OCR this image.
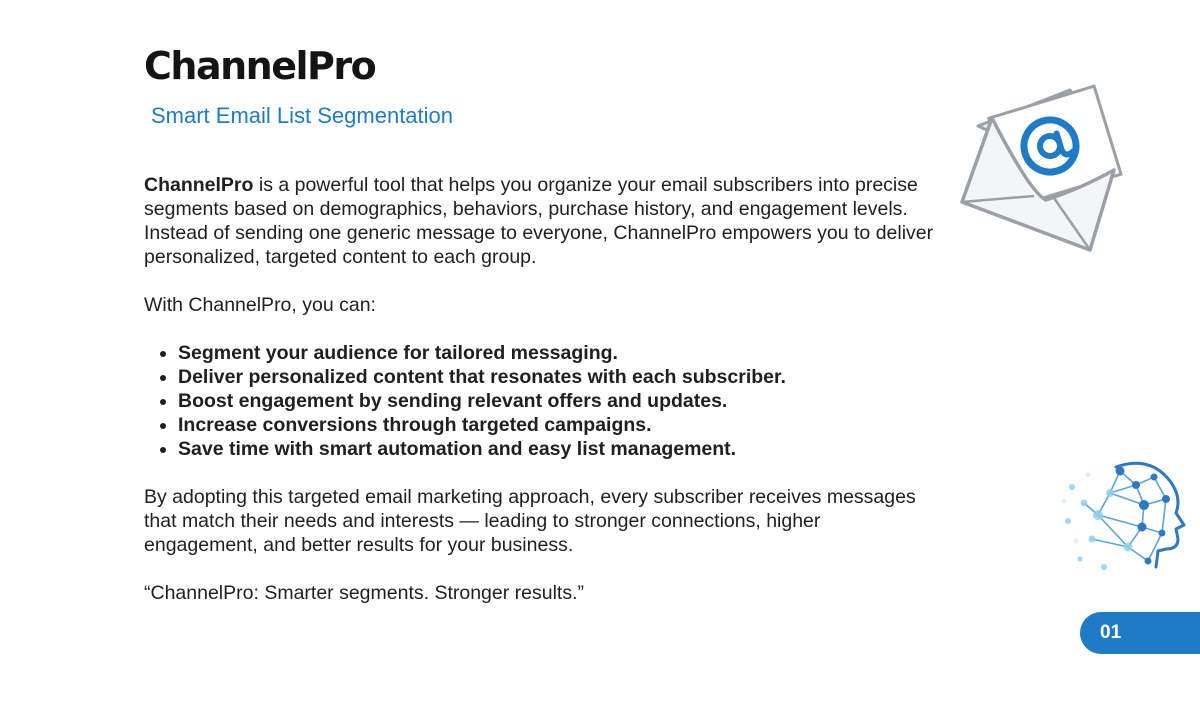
ChannelPro
Smart Email List Segmentation

ChannelPro is a powerful tool that helps you organize your email subscribers into precise segments based on demographics, behaviors, purchase history, and engagement levels. Instead of sending one generic message to everyone, ChannelPro empowers you to deliver personalized, targeted content to each group.

With ChannelPro, you can:

• Segment your audience for tailored messaging.
• Deliver personalized content that resonates with each subscriber.
• Boost engagement by sending relevant offers and updates.
• Increase conversions through targeted campaigns.
• Save time with smart automation and easy list management.

By adopting this targeted email marketing approach, every subscriber receives messages that match their needs and interests — leading to stronger connections, higher engagement, and better results for your business.

“ChannelPro: Smarter segments. Stronger results.”

01
